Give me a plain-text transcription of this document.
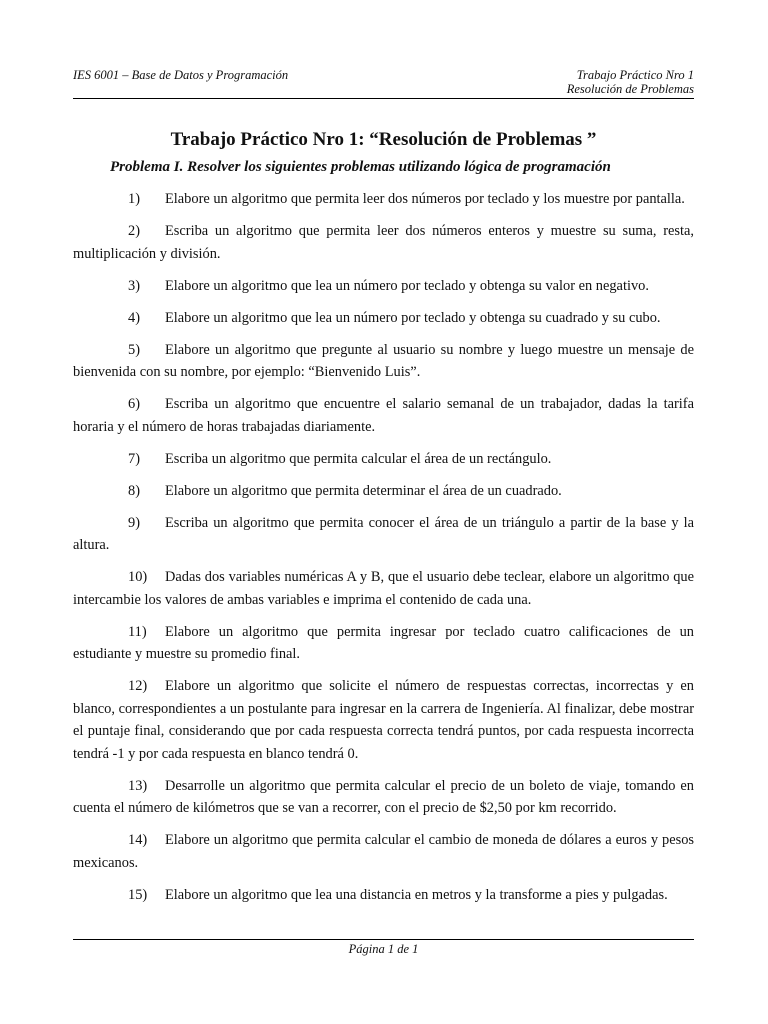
IES 6001 – Base de Datos y Programación	Trabajo Práctico Nro 1
Resolución de Problemas
Trabajo Práctico Nro 1: “Resolución de Problemas ”
Problema I. Resolver los siguientes problemas utilizando lógica de programación
1) Elabore un algoritmo que permita leer dos números por teclado y los muestre por pantalla.
2) Escriba un algoritmo que permita leer dos números enteros y muestre su suma, resta, multiplicación y división.
3) Elabore un algoritmo que lea un número por teclado y obtenga su valor en negativo.
4) Elabore un algoritmo que lea un número por teclado y obtenga su cuadrado y su cubo.
5) Elabore un algoritmo que pregunte al usuario su nombre y luego muestre un mensaje de bienvenida con su nombre, por ejemplo: “Bienvenido Luis”.
6) Escriba un algoritmo que encuentre el salario semanal de un trabajador, dadas la tarifa horaria y el número de horas trabajadas diariamente.
7) Escriba un algoritmo que permita calcular el área de un rectángulo.
8) Elabore un algoritmo que permita determinar el área de un cuadrado.
9) Escriba un algoritmo que permita conocer el área de un triángulo a partir de la base y la altura.
10) Dadas dos variables numéricas A y B, que el usuario debe teclear, elabore un algoritmo que intercambie los valores de ambas variables e imprima el contenido de cada una.
11) Elabore un algoritmo que permita ingresar por teclado cuatro calificaciones de un estudiante y muestre su promedio final.
12) Elabore un algoritmo que solicite el número de respuestas correctas, incorrectas y en blanco, correspondientes a un postulante para ingresar en la carrera de Ingeniería. Al finalizar, debe mostrar el puntaje final, considerando que por cada respuesta correcta tendrá puntos, por cada respuesta incorrecta tendrá -1 y por cada respuesta en blanco tendrá 0.
13) Desarrolle un algoritmo que permita calcular el precio de un boleto de viaje, tomando en cuenta el número de kilómetros que se van a recorrer, con el precio de $2,50 por km recorrido.
14) Elabore un algoritmo que permita calcular el cambio de moneda de dólares a euros y pesos mexicanos.
15) Elabore un algoritmo que lea una distancia en metros y la transforme a pies y pulgadas.
Página 1 de 1
